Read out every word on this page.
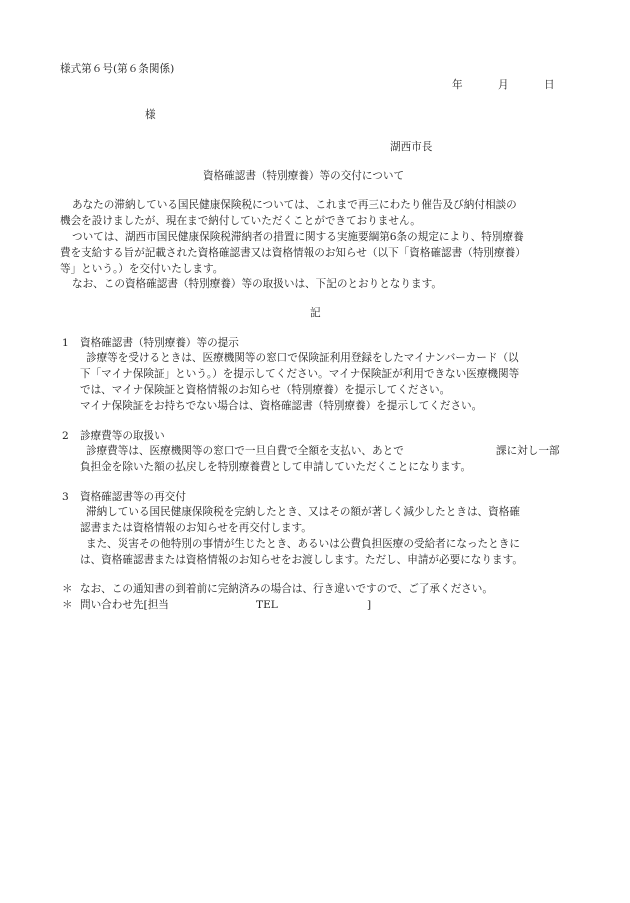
様式第６号(第６条関係)

年	月	日

様

湖西市長

資格確認書（特別療養）等の交付について

あなたの滞納している国民健康保険税については、これまで再三にわたり催告及び納付相談の

機会を設けましたが、現在まで納付していただくことができておりません。

ついては、湖西市国民健康保険税滞納者の措置に関する実施要綱第6条の規定により、特別療養

費を支給する旨が記載された資格確認書又は資格情報のお知らせ（以下「資格確認書（特別療養）

等」という。）を交付いたします。

なお、この資格確認書（特別療養）等の取扱いは、下記のとおりとなります。

記

1 資格確認書（特別療養）等の提示

診療等を受けるときは、医療機関等の窓口で保険証利用登録をしたマイナンバーカード（以

下「マイナ保険証」という。）を提示してください。マイナ保険証が利用できない医療機関等

では、マイナ保険証と資格情報のお知らせ（特別療養）を提示してください。

マイナ保険証をお持ちでない場合は、資格確認書（特別療養）を提示してください。

2 診療費等の取扱い

診療費等は、医療機関等の窓口で一旦自費で全額を支払い、あとで	課に対し一部

負担金を除いた額の払戻しを特別療養費として申請していただくことになります。

3 資格確認書等の再交付

滞納している国民健康保険税を完納したとき、又はその額が著しく減少したときは、資格確

認書または資格情報のお知らせを再交付します。

また、災害その他特別の事情が生じたとき、あるいは公費負担医療の受給者になったときに

は、資格確認書または資格情報のお知らせをお渡しします。ただし、申請が必要になります。

＊ なお、この通知書の到着前に完納済みの場合は、行き違いですので、ご了承ください。

＊ 問い合わせ先[担当	TEL	]
